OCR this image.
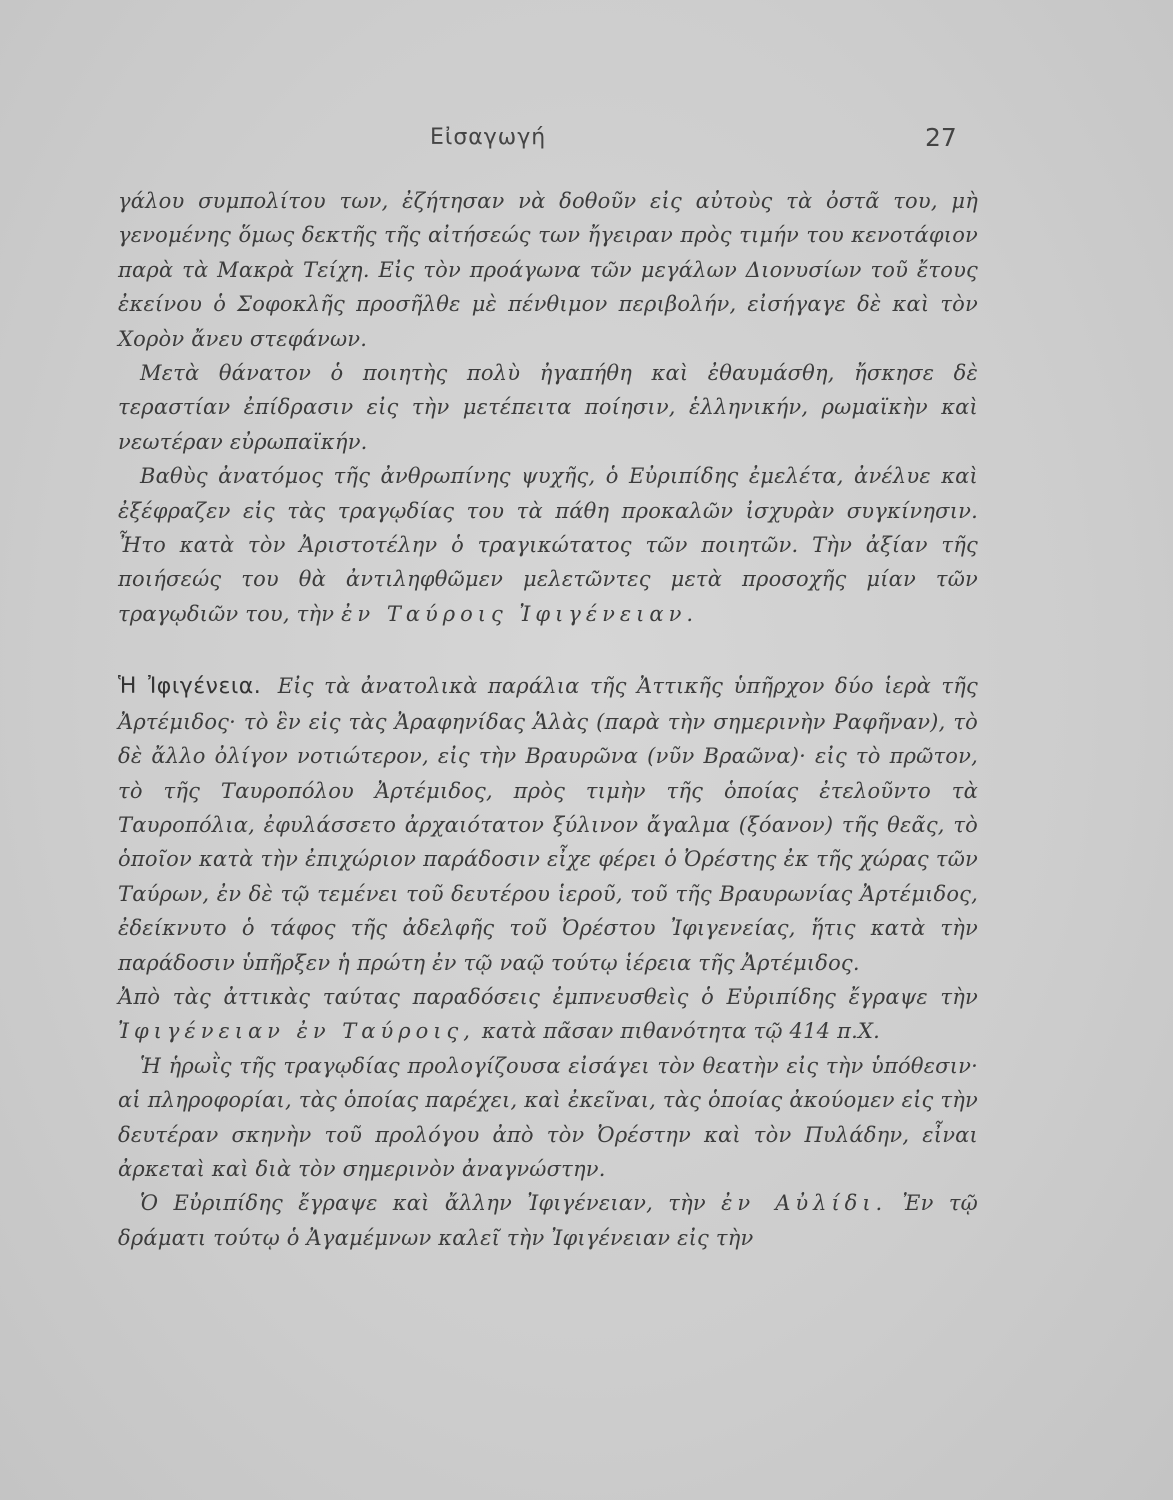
Εἰσαγωγή	27

γάλου συμπολίτου των, ἐζήτησαν νὰ δοθοῦν εἰς αὐτοὺς τὰ ὀστᾶ του, μὴ γενομένης ὅμως δεκτῆς τῆς αἰτήσεώς των ἤγειραν πρὸς τιμήν του κενοτάφιον παρὰ τὰ Μακρὰ Τείχη. Εἰς τὸν προάγωνα τῶν μεγάλων Διονυσίων τοῦ ἔτους ἐκείνου ὁ Σοφοκλῆς προσῆλθε μὲ πένθιμον περιβολήν, εἰσήγαγε δὲ καὶ τὸν Χορὸν ἄνευ στεφάνων.

Μετὰ θάνατον ὁ ποιητὴς πολὺ ἠγαπήθη καὶ ἐθαυμάσθη, ἤσκησε δὲ τεραστίαν ἐπίδρασιν εἰς τὴν μετέπειτα ποίησιν, ἑλληνικήν, ρωμαϊκὴν καὶ νεωτέραν εὐρωπαϊκήν.

Βαθὺς ἀνατόμος τῆς ἀνθρωπίνης ψυχῆς, ὁ Εὐριπίδης ἐμελέτα, ἀνέλυε καὶ ἐξέφραζεν εἰς τὰς τραγῳδίας του τὰ πάθη προκαλῶν ἰσχυρὰν συγκίνησιν. Ἦτο κατὰ τὸν Ἀριστοτέλην ὁ τραγικώτατος τῶν ποιητῶν. Τὴν ἀξίαν τῆς ποιήσεώς του θὰ ἀντιληφθῶμεν μελετῶντες μετὰ προσοχῆς μίαν τῶν τραγῳδιῶν του, τὴν ἐν Ταύροις Ἰφιγένειαν.

Ἡ Ἰφιγένεια. Εἰς τὰ ἀνατολικὰ παράλια τῆς Ἀττικῆς ὑπῆρχον δύο ἱερὰ τῆς Ἀρτέμιδος· τὸ ἓν εἰς τὰς Ἀραφηνίδας Ἁλὰς (παρὰ τὴν σημερινὴν Ραφῆναν), τὸ δὲ ἄλλο ὀλίγον νοτιώτερον, εἰς τὴν Βραυρῶνα (νῦν Βραῶνα)· εἰς τὸ πρῶτον, τὸ τῆς Ταυροπόλου Ἀρτέμιδος, πρὸς τιμὴν τῆς ὁποίας ἐτελοῦντο τὰ Ταυροπόλια, ἐφυλάσσετο ἀρχαιότατον ξύλινον ἄγαλμα (ξόανον) τῆς θεᾶς, τὸ ὁποῖον κατὰ τὴν ἐπιχώριον παράδοσιν εἶχε φέρει ὁ Ὀρέστης ἐκ τῆς χώρας τῶν Ταύρων, ἐν δὲ τῷ τεμένει τοῦ δευτέρου ἱεροῦ, τοῦ τῆς Βραυρωνίας Ἀρτέμιδος, ἐδείκνυτο ὁ τάφος τῆς ἀδελφῆς τοῦ Ὀρέστου Ἰφιγενείας, ἥτις κατὰ τὴν παράδοσιν ὑπῆρξεν ἡ πρώτη ἐν τῷ ναῷ τούτῳ ἱέρεια τῆς Ἀρτέμιδος.

Ἀπὸ τὰς ἀττικὰς ταύτας παραδόσεις ἐμπνευσθεὶς ὁ Εὐριπίδης ἔγραψε τὴν Ἰφιγένειαν ἐν Ταύροις, κατὰ πᾶσαν πιθανότητα τῷ 414 π.Χ.

Ἡ ἡρωῒς τῆς τραγῳδίας προλογίζουσα εἰσάγει τὸν θεατὴν εἰς τὴν ὑπόθεσιν· αἱ πληροφορίαι, τὰς ὁποίας παρέχει, καὶ ἐκεῖναι, τὰς ὁποίας ἀκούομεν εἰς τὴν δευτέραν σκηνὴν τοῦ προλόγου ἀπὸ τὸν Ὀρέστην καὶ τὸν Πυλάδην, εἶναι ἀρκεταὶ καὶ διὰ τὸν σημερινὸν ἀναγνώστην.

Ὁ Εὐριπίδης ἔγραψε καὶ ἄλλην Ἰφιγένειαν, τὴν ἐν Αὐλίδι. Ἐν τῷ δράματι τούτῳ ὁ Ἀγαμέμνων καλεῖ τὴν Ἰφιγένειαν εἰς τὴν
